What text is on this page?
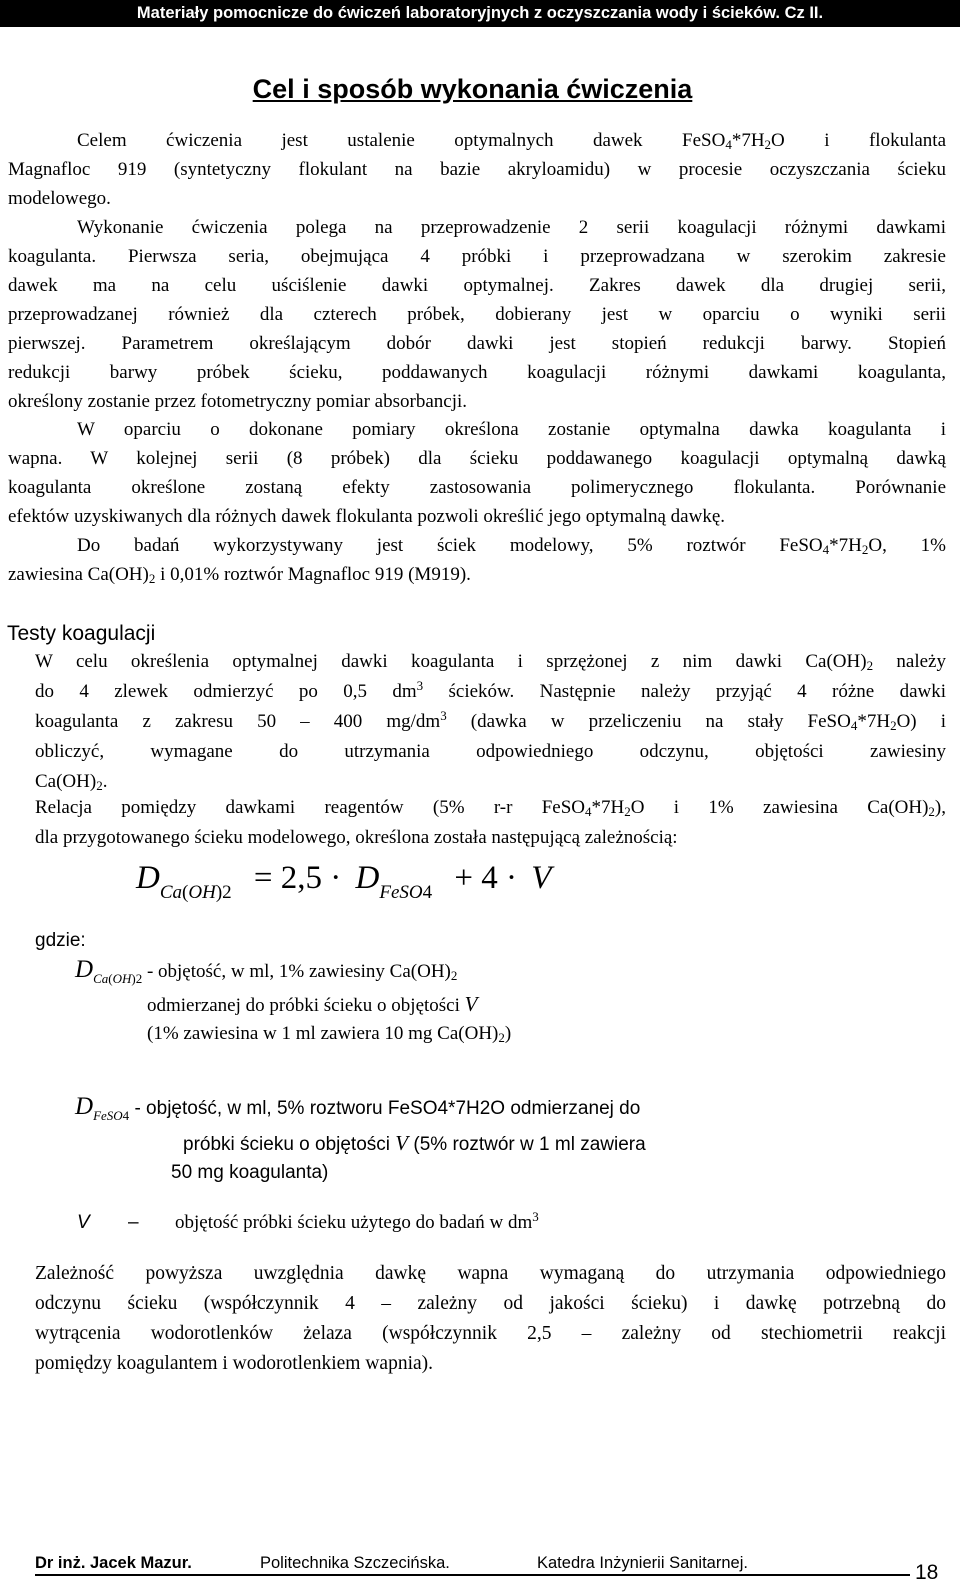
Materiały pomocnicze do ćwiczeń laboratoryjnych z oczyszczania wody i ścieków. Cz II.
Cel i sposób wykonania ćwiczenia
Celem ćwiczenia jest ustalenie optymalnych dawek $FeSO_4*7H_2O$ i flokulanta
Magnafloc 919 (syntetyczny flokulant na bazie akryloamidu) w procesie oczyszczania ścieku
modelowego.
Wykonanie ćwiczenia polega na przeprowadzenie 2 serii koagulacji różnymi dawkami
koagulanta. Pierwsza seria, obejmująca 4 próbki i przeprowadzana w szerokim zakresie
dawek ma na celu uściślenie dawki optymalnej. Zakres dawek dla drugiej serii,
przeprowadzanej również dla czterech próbek, dobierany jest w oparciu o wyniki serii
pierwszej. Parametrem określającym dobór dawki jest stopień redukcji barwy. Stopień
redukcji barwy próbek ścieku, poddawanych koagulacji różnymi dawkami koagulanta,
określony zostanie przez fotometryczny pomiar absorbancji.
W oparciu o dokonane pomiary określona zostanie optymalna dawka koagulanta i
wapna. W kolejnej serii (8 próbek) dla ścieku poddawanego koagulacji optymalną dawką
koagulanta określone zostaną efekty zastosowania polimerycznego flokulanta. Porównanie
efektów uzyskiwanych dla różnych dawek flokulanta pozwoli określić jego optymalną dawkę.
Do badań wykorzystywany jest ściek modelowy, 5% roztwór $FeSO_4*7H_2O$, 1%
zawiesina $Ca(OH)_2$ i 0,01% roztwór Magnafloc 919 (M919).
Testy koagulacji
W celu określenia optymalnej dawki koagulanta i sprzężonej z nim dawki $Ca(OH)_2$ należy
do 4 zlewek odmierzyć po 0,5 $dm^3$ ścieków. Następnie należy przyjąć 4 różne dawki
koagulanta z zakresu 50 – 400 $mg/dm^3$ (dawka w przeliczeniu na stały $FeSO_4*7H_2O$) i
obliczyć, wymagane do utrzymania odpowiedniego odczynu, objętości zawiesiny
$Ca(OH)_2$.
Relacja pomiędzy dawkami reagentów (5% r-r $FeSO_4*7H_2O$ i 1% zawiesina $Ca(OH)_2$),
dla przygotowanego ścieku modelowego, określona została następującą zależnością:
$D_{Ca(OH)2} = 2,5 \cdot D_{FeSO4} + 4 \cdot V$
gdzie:
$D_{Ca(OH)2}$ - objętość, w ml, 1% zawiesiny $Ca(OH)_2$
odmierzanej do próbki ścieku o objętości V
(1% zawiesina w 1 ml zawiera 10 mg $Ca(OH)_2$)
$D_{FeSO4}$ - objętość, w ml, 5% roztworu FeSO4*7H2O odmierzanej do
próbki ścieku o objętości V (5% roztwór w 1 ml zawiera
50 mg koagulanta)
V – objętość próbki ścieku użytego do badań w $dm^3$
Zależność powyższa uwzględnia dawkę wapna wymaganą do utrzymania odpowiedniego
odczynu ścieku (współczynnik 4 – zależny od jakości ścieku) i dawkę potrzebną do
wytrącenia wodorotlenków żelaza (współczynnik 2,5 – zależny od stechiometrii reakcji
pomiędzy koagulantem i wodorotlenkiem wapnia).
Dr inż. Jacek Mazur.	Politechnika Szczecińska.	Katedra Inżynierii Sanitarnej.	18
